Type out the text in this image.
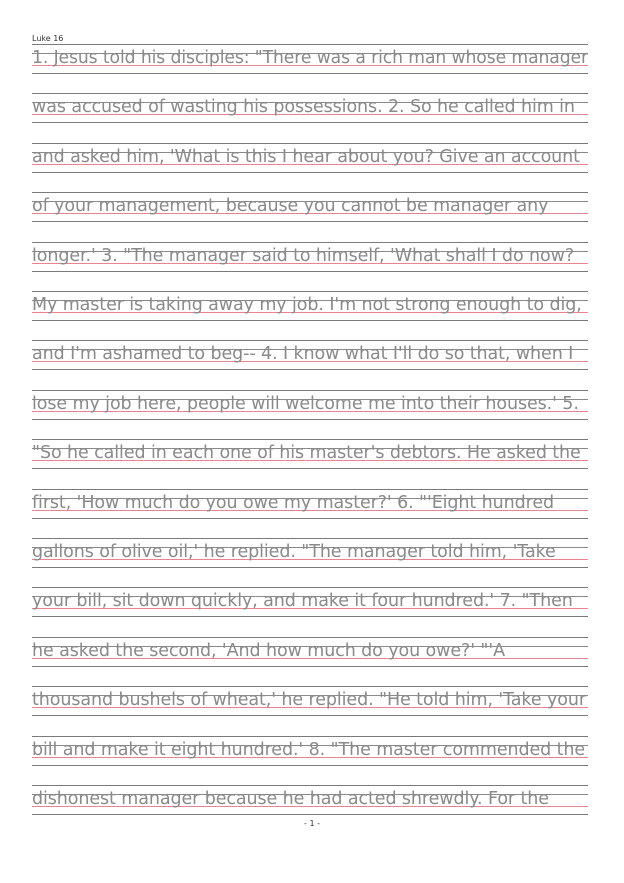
Luke 16
1. Jesus told his disciples: "There was a rich man whose manager
was accused of wasting his possessions. 2. So he called him in
and asked him, 'What is this I hear about you? Give an account
of your management, because you cannot be manager any
longer.' 3. "The manager said to himself, 'What shall I do now?
My master is taking away my job. I'm not strong enough to dig,
and I'm ashamed to beg-- 4. I know what I'll do so that, when I
lose my job here, people will welcome me into their houses.' 5.
"So he called in each one of his master's debtors. He asked the
first, 'How much do you owe my master?' 6. "'Eight hundred
gallons of olive oil,' he replied. "The manager told him, 'Take
your bill, sit down quickly, and make it four hundred.' 7. "Then
he asked the second, 'And how much do you owe?' "'A
thousand bushels of wheat,' he replied. "He told him, 'Take your
bill and make it eight hundred.' 8. "The master commended the
dishonest manager because he had acted shrewdly. For the
- 1 -
